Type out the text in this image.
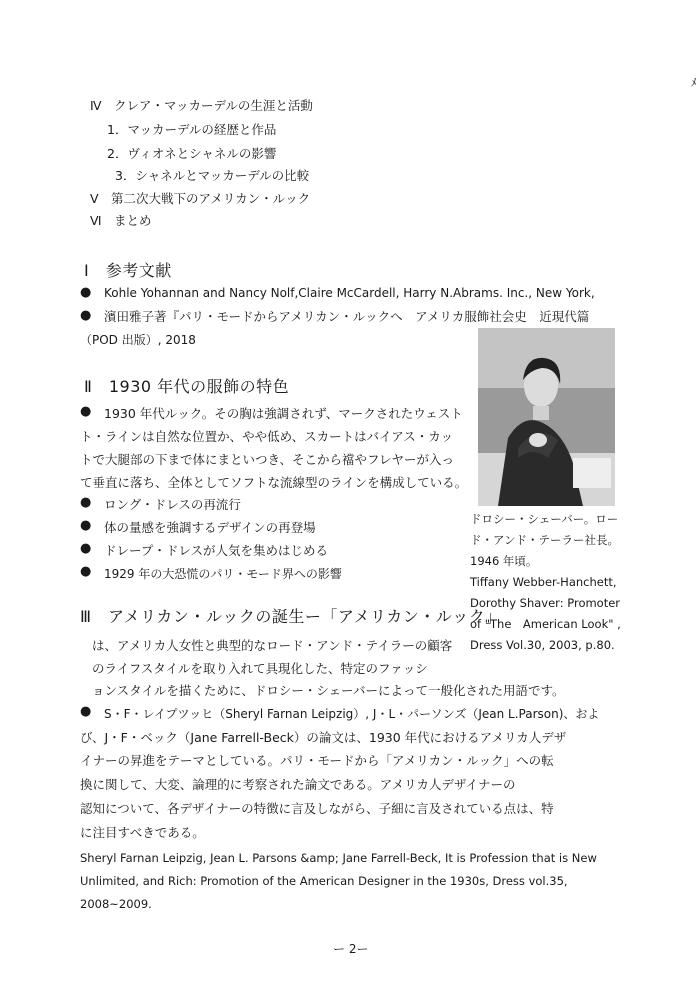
ﾒ
Ⅳ　クレア・マッカーデルの生涯と活動
1．マッカーデルの経歴と作品
2．ヴィオネとシャネルの影響
3．シャネルとマッカーデルの比較
Ⅴ　第二次大戦下のアメリカン・ルック
Ⅵ　まとめ
Ⅰ　参考文献
● Kohle Yohannan and Nancy Nolf,Claire McCardell, Harry N.Abrams. Inc., New York,
● 濱田雅子著『パリ・モードからアメリカン・ルックへ　アメリカ服飾社会史　近現代篇
（POD 出版）, 2018
ドロシー・シェーバー。ロー
ド・アンド・テーラー社長。
1946 年頃。
Tiffany Webber-Hanchett,
Dorothy Shaver: Promoter
of "The　American Look" ,
Dress Vol.30, 2003, p.80.
Ⅱ　1930 年代の服飾の特色
● 1930 年代ルック。その胸は強調されず、マークされたウェスト
ト・ラインは自然な位置か、やや低め、スカートはバイアス・カッ
トで大腿部の下まで体にまといつき、そこから襠やフレヤーが入っ
て垂直に落ち、全体としてソフトな流線型のラインを構成している。
● ロング・ドレスの再流行
● 体の量感を強調するデザインの再登場
● ドレープ・ドレスが人気を集めはじめる
● 1929 年の大恐慌のパリ・モード界への影響
Ⅲ　アメリカン・ルックの誕生ー「アメリカン・ルック」
は、アメリカ人女性と典型的なロード・アンド・テイラーの顧客
のライフスタイルを取り入れて具現化した、特定のファッシ
ョンスタイルを描くために、ドロシー・シェーバーによって一般化された用語です。
● S・F・レイプツッヒ（Sheryl Farnan Leipzig）, J・L・パーソンズ（Jean L.Parson)、およ
び、J・F・ベック（Jane Farrell-Beck）の論文は、1930 年代におけるアメリカ人デザ
イナーの昇進をテーマとしている。パリ・モードから「アメリカン・ルック」への転
換に関して、大変、論理的に考察された論文である。アメリカ人デザイナーの
認知について、各デザイナーの特徴に言及しながら、子細に言及されている点は、特
に注目すべきである。
Sheryl Farnan Leipzig, Jean L. Parsons &amp; Jane Farrell-Beck, It is Profession that is New
Unlimited, and Rich: Promotion of the American Designer in the 1930s, Dress vol.35,
2008~2009.
ー 2ー
